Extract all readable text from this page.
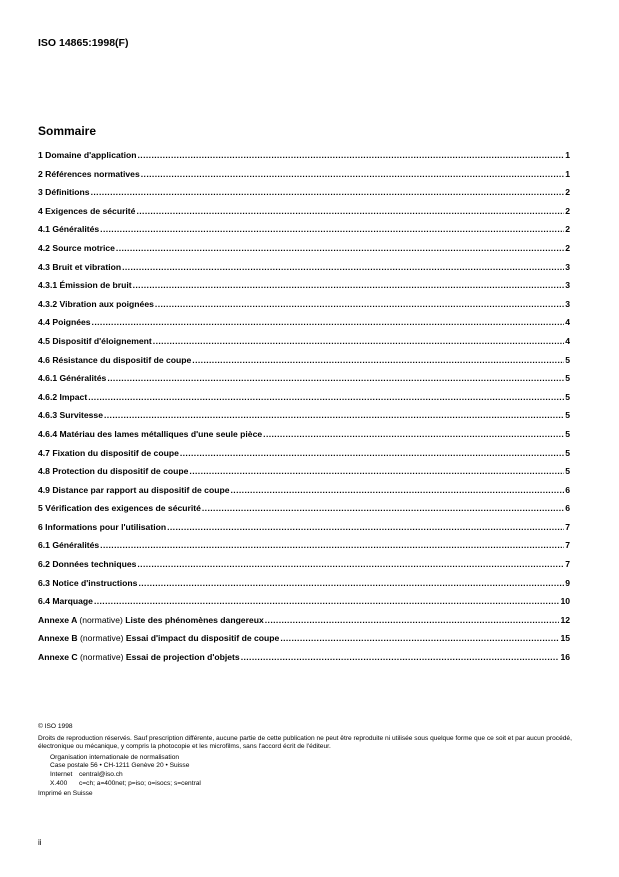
ISO 14865:1998(F)
Sommaire
1 Domaine d'application .....	1
2 Références normatives .....	1
3 Définitions .....	2
4 Exigences de sécurité .....	2
4.1 Généralités .....	2
4.2 Source motrice .....	2
4.3 Bruit et vibration .....	3
4.3.1 Émission de bruit .....	3
4.3.2 Vibration aux poignées .....	3
4.4 Poignées .....	4
4.5 Dispositif d'éloignement .....	4
4.6 Résistance du dispositif de coupe .....	5
4.6.1 Généralités .....	5
4.6.2 Impact .....	5
4.6.3 Survitesse .....	5
4.6.4 Matériau des lames métalliques d'une seule pièce .....	5
4.7 Fixation du dispositif de coupe .....	5
4.8 Protection du dispositif de coupe .....	5
4.9 Distance par rapport au dispositif de coupe .....	6
5 Vérification des exigences de sécurité .....	6
6 Informations pour l'utilisation .....	7
6.1 Généralités .....	7
6.2 Données techniques .....	7
6.3 Notice d'instructions .....	9
6.4 Marquage .....	10
Annexe A (normative) Liste des phénomènes dangereux .....	12
Annexe B (normative) Essai d'impact du dispositif de coupe .....	15
Annexe C (normative) Essai de projection d'objets .....	16

© ISO 1998

Droits de reproduction réservés. Sauf prescription différente, aucune partie de cette publication ne peut être reproduite ni utilisée sous quelque forme que ce soit et par aucun procédé, électronique ou mécanique, y compris la photocopie et les microfilms, sans l'accord écrit de l'éditeur.

Organisation internationale de normalisation
Case postale 56 • CH-1211 Genève 20 • Suisse
Internet	central@iso.ch
X.400	c=ch; a=400net; p=iso; o=isocs; s=central

Imprimé en Suisse

ii
